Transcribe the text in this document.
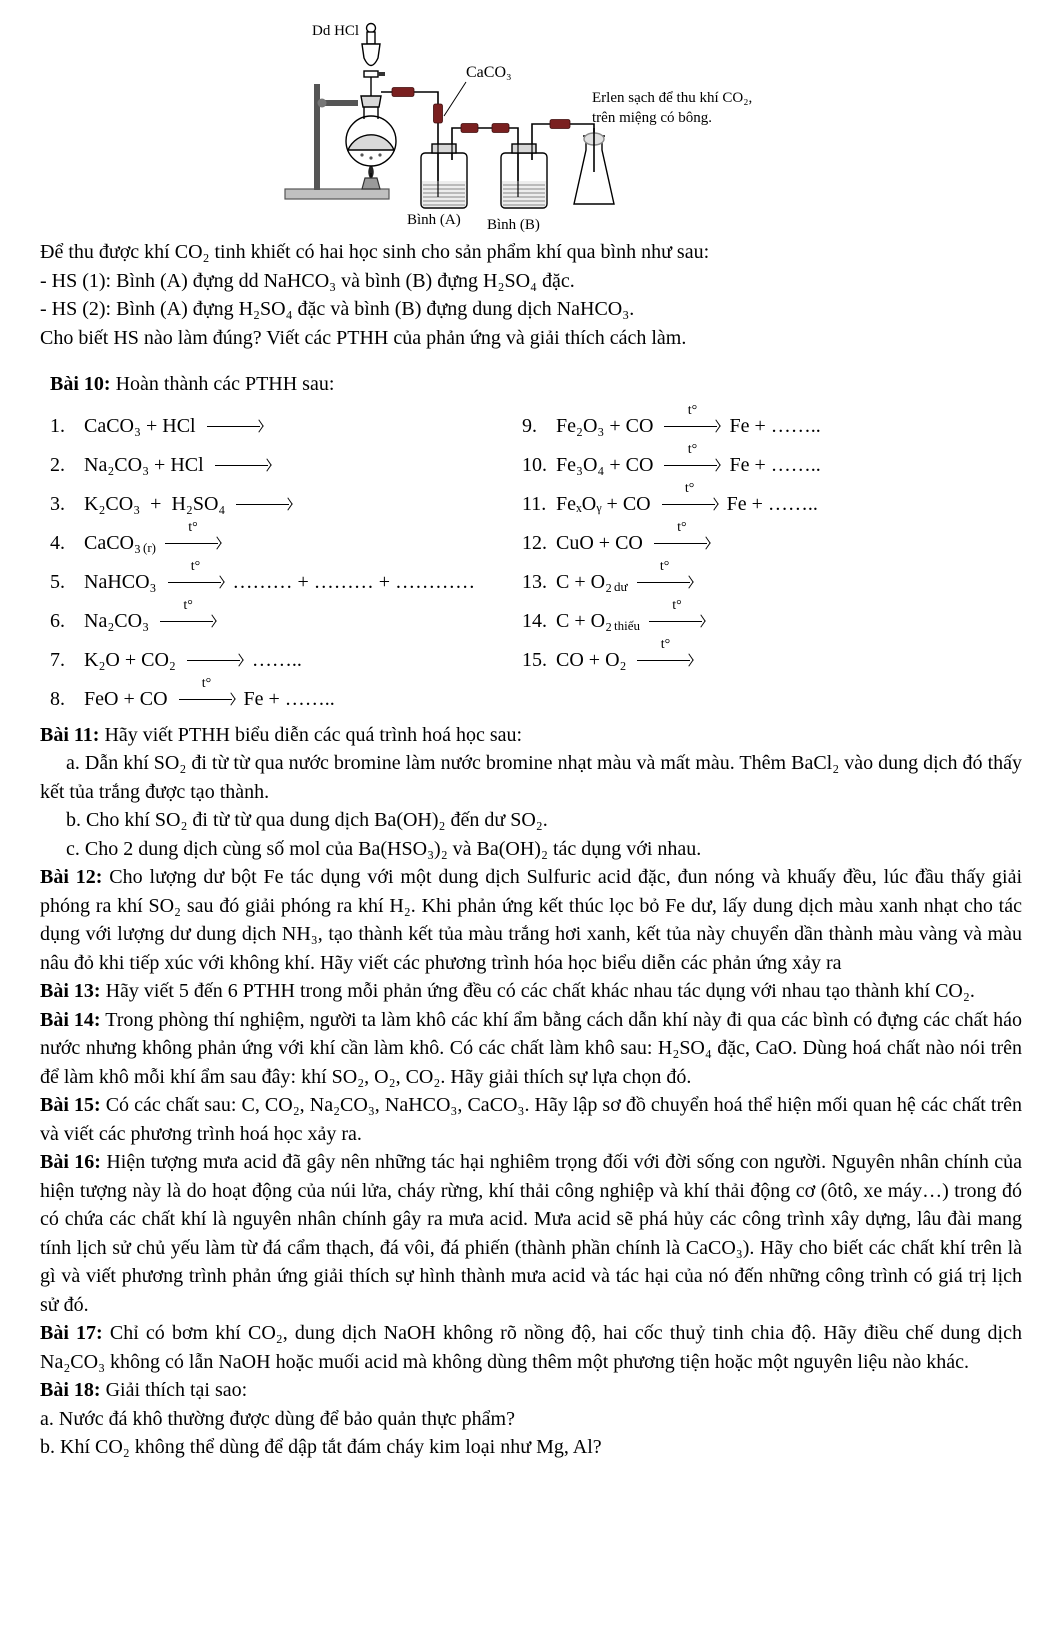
Dd HCl
CaCO₃
Erlen sạch để thu khí CO₂,
trên miệng có bông.
Bình (A) Bình (B)

Để thu được khí CO₂ tinh khiết có hai học sinh cho sản phẩm khí qua bình như sau:

- HS (1): Bình (A) đựng dd NaHCO₃ và bình (B) đựng H₂SO₄ đặc.

- HS (2): Bình (A) đựng H₂SO₄ đặc và bình (B) đựng dung dịch NaHCO₃.

Cho biết HS nào làm đúng? Viết các PTHH của phản ứng và giải thích cách làm.

Bài 10: Hoàn thành các PTHH sau:

1. CaCO₃ + HCl →
2. Na₂CO₃ + HCl →
3. K₂CO₃  +  H₂SO₄ →
4. CaCO₃ (r)
t°
5. NaHCO₃
t°
……… + ……… + …………
6. Na₂CO₃
t°
7. K₂O + CO₂ → ……..
8. FeO + CO
t°
Fe + ……..
9. Fe₂O₃ + CO
t°
Fe + ……..
10. Fe₃O₄ + CO
t°
Fe + ……..
11. FeₓOᵧ + CO
t°
Fe + ……..
12. CuO + CO
t°
13. C + O₂ dư
t°
14. C + O₂ thiếu
t°
15. CO + O₂
t°

Bài 11: Hãy viết PTHH biểu diễn các quá trình hoá học sau:

a. Dẫn khí SO₂ đi từ từ qua nước bromine làm nước bromine nhạt màu và mất màu. Thêm BaCl₂ vào dung dịch đó thấy kết tủa trắng được tạo thành.

b. Cho khí SO₂ đi từ từ qua dung dịch Ba(OH)₂ đến dư SO₂.

c. Cho 2 dung dịch cùng số mol của Ba(HSO₃)₂ và Ba(OH)₂ tác dụng với nhau.

Bài 12: Cho lượng dư bột Fe tác dụng với một dung dịch Sulfuric acid đặc, đun nóng và khuấy đều, lúc đầu thấy giải phóng ra khí SO₂ sau đó giải phóng ra khí H₂. Khi phản ứng kết thúc lọc bỏ Fe dư, lấy dung dịch màu xanh nhạt cho tác dụng với lượng dư dung dịch NH₃, tạo thành kết tủa màu trắng hơi xanh, kết tủa này chuyển dần thành màu vàng và màu nâu đỏ khi tiếp xúc với không khí. Hãy viết các phương trình hóa học biểu diễn các phản ứng xảy ra

Bài 13: Hãy viết 5 đến 6 PTHH trong mỗi phản ứng đều có các chất khác nhau tác dụng với nhau tạo thành khí CO₂.

Bài 14: Trong phòng thí nghiệm, người ta làm khô các khí ẩm bằng cách dẫn khí này đi qua các bình có đựng các chất háo nước nhưng không phản ứng với khí cần làm khô. Có các chất làm khô sau: H₂SO₄ đặc, CaO. Dùng hoá chất nào nói trên để làm khô mỗi khí ẩm sau đây: khí SO₂, O₂, CO₂. Hãy giải thích sự lựa chọn đó.

Bài 15: Có các chất sau: C, CO₂, Na₂CO₃, NaHCO₃, CaCO₃. Hãy lập sơ đồ chuyển hoá thể hiện mối quan hệ các chất trên và viết các phương trình hoá học xảy ra.

Bài 16: Hiện tượng mưa acid đã gây nên những tác hại nghiêm trọng đối với đời sống con người. Nguyên nhân chính của hiện tượng này là do hoạt động của núi lửa, cháy rừng, khí thải công nghiệp và khí thải động cơ (ôtô, xe máy…) trong đó có chứa các chất khí là nguyên nhân chính gây ra mưa acid. Mưa acid sẽ phá hủy các công trình xây dựng, lâu đài mang tính lịch sử chủ yếu làm từ đá cẩm thạch, đá vôi, đá phiến (thành phần chính là CaCO₃). Hãy cho biết các chất khí trên là gì và viết phương trình phản ứng giải thích sự hình thành mưa acid và tác hại của nó đến những công trình có giá trị lịch sử đó.

Bài 17: Chỉ có bơm khí CO₂, dung dịch NaOH không rõ nồng độ, hai cốc thuỷ tinh chia độ. Hãy điều chế dung dịch Na₂CO₃ không có lẫn NaOH hoặc muối acid mà không dùng thêm một phương tiện hoặc một nguyên liệu nào khác.

Bài 18: Giải thích tại sao:

a. Nước đá khô thường được dùng để bảo quản thực phẩm?

b. Khí CO₂ không thể dùng để dập tắt đám cháy kim loại như Mg, Al?
